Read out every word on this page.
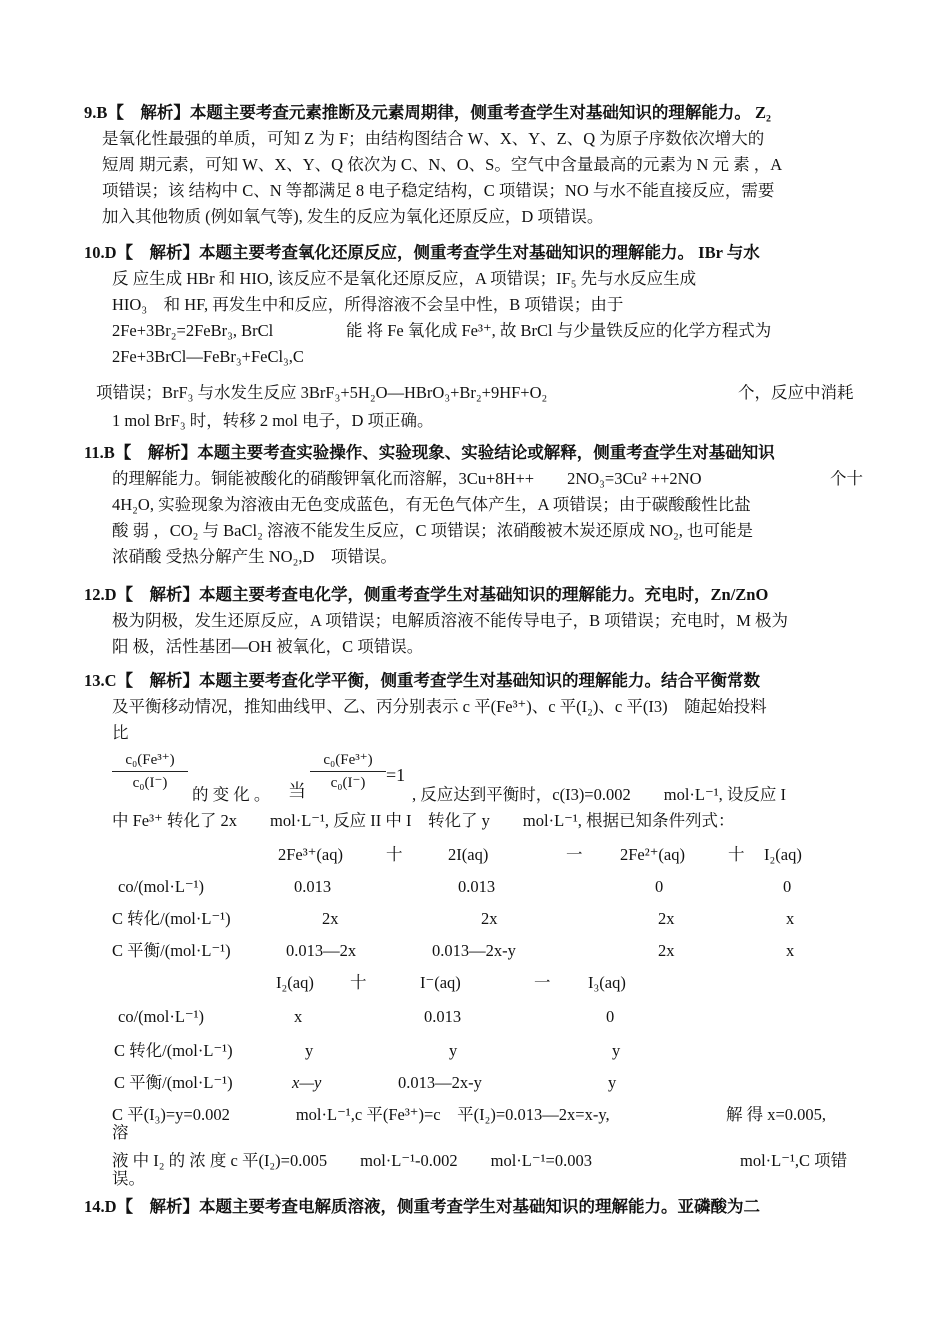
9.B【　解析】本题主要考查元素推断及元素周期律，侧重考查学生对基础知识的理解能力。 Z₂
是氧化性最强的单质，可知 Z 为 F；由结构图结合 W、X、Y、Z、Q 为原子序数依次增大的
短周 期元素，可知 W、X、Y、Q 依次为 C、N、O、S。空气中含量最高的元素为 N 元 素 ，A
项错误；该 结构中 C、N 等都满足 8 电子稳定结构，C 项错误；NO 与水不能直接反应，需要
加入其他物质 (例如氧气等), 发生的反应为氧化还原反应，D 项错误。
10.D【　解析】本题主要考查氧化还原反应，侧重考查学生对基础知识的理解能力。 IBr 与水
反 应生成 HBr 和 HIO, 该反应不是氧化还原反应，A 项错误；IF₅ 先与水反应生成
HIO₃　和 HF, 再发生中和反应，所得溶液不会呈中性，B 项错误；由于
2Fe+3Br₂=2FeBr₃, BrCl	能 将 Fe 氧化成 Fe³⁺, 故 BrCl 与少量铁反应的化学方程式为
2Fe+3BrCl—FeBr₃+FeCl₃,C
项错误；BrF₃ 与水发生反应 3BrF₃+5H₂O—HBrO₃+Br₂+9HF+O₂	个，反应中消耗
1 mol BrF₃ 时，转移 2 mol 电子，D 项正确。
11.B【　解析】本题主要考查实验操作、实验现象、实验结论或解释，侧重考查学生对基础知识
的理解能力。铜能被酸化的硝酸钾氧化而溶解，3Cu+8H++　　2NO₃=3Cu² ++2NO	个十
4H₂O, 实验现象为溶液由无色变成蓝色，有无色气体产生，A 项错误；由于碳酸酸性比盐
酸 弱 ，CO₂ 与 BaCl₂ 溶液不能发生反应，C 项错误；浓硝酸被木炭还原成 NO₂, 也可能是
浓硝酸 受热分解产生 NO₂,D　项错误。
12.D【　解析】本题主要考查电化学，侧重考查学生对基础知识的理解能力。充电时，Zn/ZnO
极为阴极，发生还原反应，A 项错误；电解质溶液不能传导电子，B 项错误；充电时，M 极为
阳 极，活性基团—OH 被氧化，C 项错误。
13.C【　解析】本题主要考查化学平衡，侧重考查学生对基础知识的理解能力。结合平衡常数
及平衡移动情况，推知曲线甲、乙、丙分别表示 c 平(Fe³⁺)、c 平(I₂)、c 平(I3)　随起始投料
比
c₀(Fe³⁺)
c₀(I⁻)
的 变 化 。 当
c₀(Fe³⁺)
c₀(I⁻)	=1
, 反应达到平衡时，c(I3)=0.002　　mol·L⁻¹, 设反应 I
中 Fe³⁺ 转化了 2x　　mol·L⁻¹, 反应 II 中 I　转化了 y　　mol·L⁻¹, 根据已知条件列式：
2Fe³⁺(aq)	十	2I(aq)	一 2Fe²⁺(aq)	十 I₂(aq)
co/(mol·L⁻¹)	0.013	0.013	0	0
C 转化/(mol·L⁻¹)	2x	2x	2x	x
C 平衡/(mol·L⁻¹)	0.013—2x	0.013—2x-y	2x	x
I₂(aq) 十	I⁻(aq)	一 I₃(aq)
co/(mol·L⁻¹)	x	0.013	0
C 转化/(mol·L⁻¹)	y	y	y
C 平衡/(mol·L⁻¹)	x—y	0.013—2x-y	y
C 平(I₃)=y=0.002　　　　mol·L⁻¹,c 平(Fe³⁺)=c　平(I₂)=0.013—2x=x-y,	解 得 x=0.005,
溶
液 中 I₂ 的 浓 度 c 平(I₂)=0.005　　mol·L⁻¹-0.002　　mol·L⁻¹=0.003	mol·L⁻¹,C 项错
误。
14.D【　解析】本题主要考查电解质溶液，侧重考查学生对基础知识的理解能力。亚磷酸为二
